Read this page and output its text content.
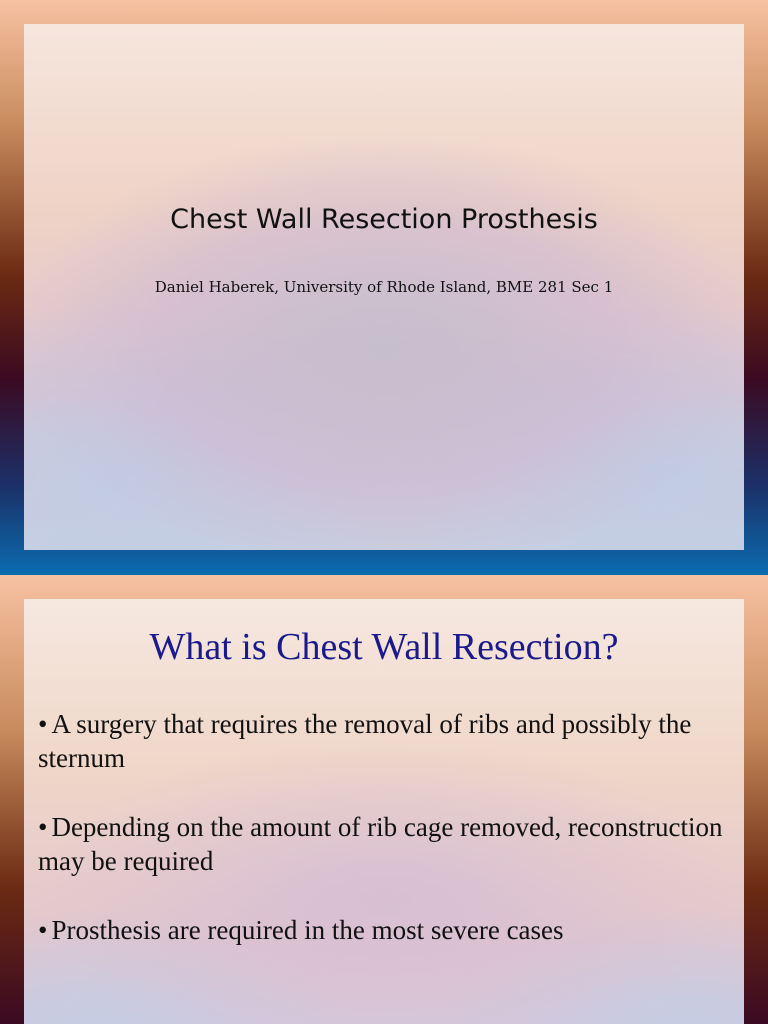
Chest Wall Resection Prosthesis

Daniel Haberek, University of Rhode Island, BME 281 Sec 1

What is Chest Wall Resection?
• A surgery that requires the removal of ribs and possibly the sternum
• Depending on the amount of rib cage removed, reconstruction may be required
• Prosthesis are required in the most severe cases
